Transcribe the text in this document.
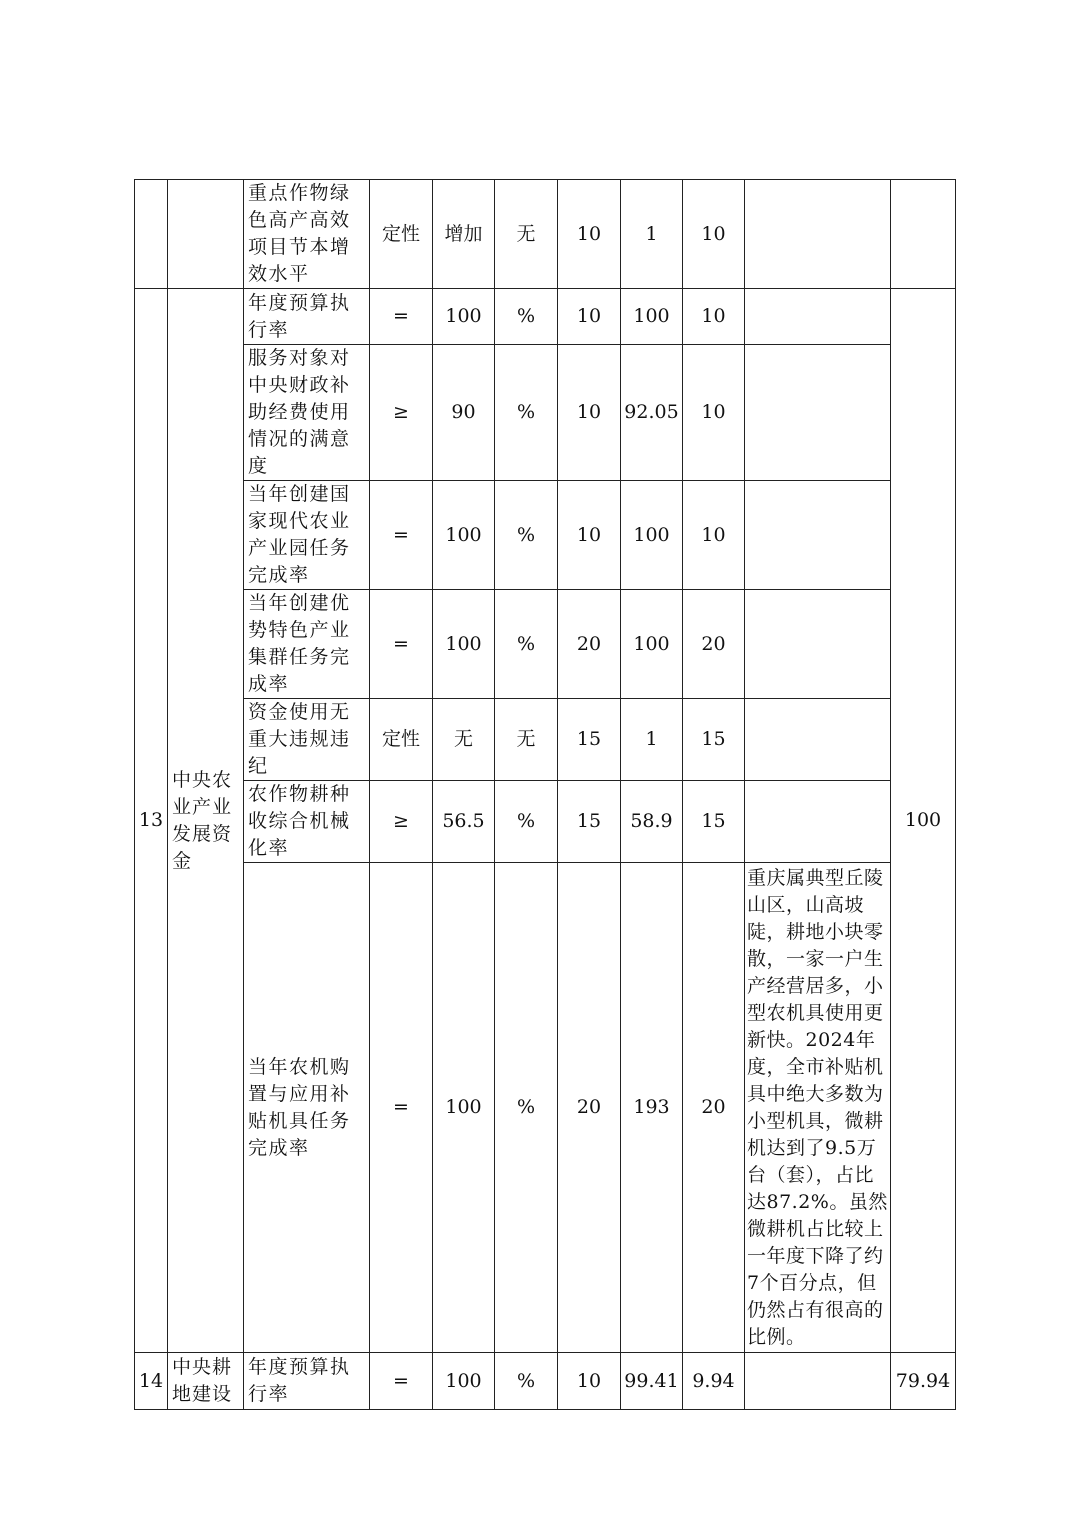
		重点作物绿色高产高效项目节本增效水平	定性	增加	无	10	1	10		
13	中央农业产业发展资金	年度预算执行率	=	100	%	10	100	10		100
		服务对象对中央财政补助经费使用情况的满意度	≥	90	%	10	92.05	10		
		当年创建国家现代农业产业园任务完成率	=	100	%	10	100	10		
		当年创建优势特色产业集群任务完成率	=	100	%	20	100	20		
		资金使用无重大违规违纪	定性	无	无	15	1	15		
		农作物耕种收综合机械化率	≥	56.5	%	15	58.9	15		
		当年农机购置与应用补贴机具任务完成率	=	100	%	20	193	20	重庆属典型丘陵山区，山高坡陡，耕地小块零散，一家一户生产经营居多，小型农机具使用更新快。2024年度，全市补贴机具中绝大多数为小型机具，微耕机达到了9.5万台（套），占比达87.2%。虽然微耕机占比较上一年度下降了约7个百分点，但仍然占有很高的比例。	
14	中央耕地建设	年度预算执行率	=	100	%	10	99.41	9.94		79.94
